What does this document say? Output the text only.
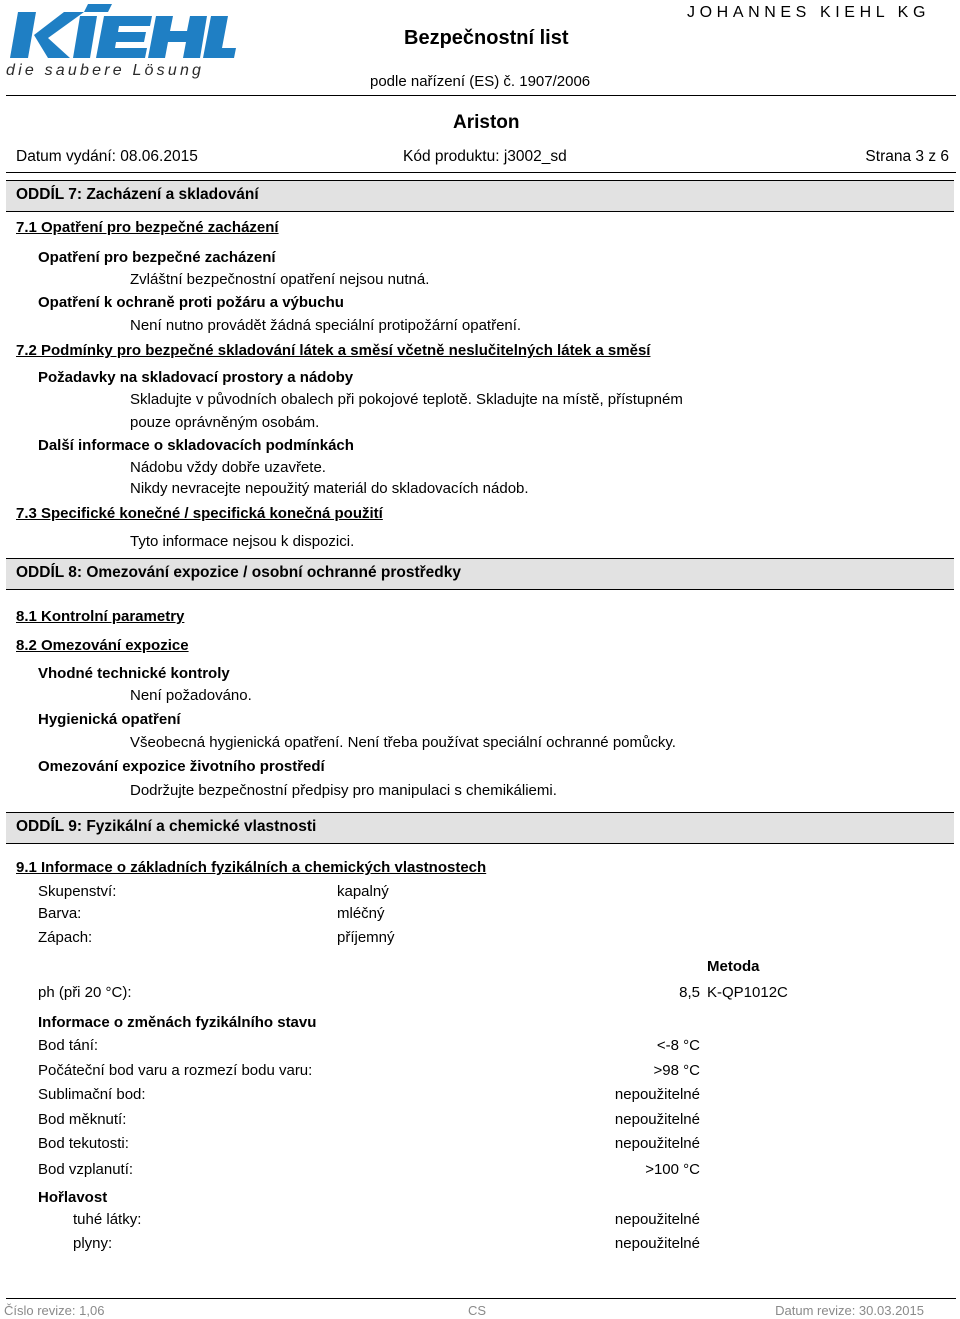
die saubere Lösung
Bezpečnostní list
podle nařízení (ES) č. 1907/2006
JOHANNES KIEHL KG
Ariston
Datum vydání: 08.06.2015	Kód produktu: j3002_sd	Strana 3 z 6
ODDÍL 7: Zacházení a skladování
7.1 Opatření pro bezpečné zacházení
Opatření pro bezpečné zacházení
Zvláštní bezpečnostní opatření nejsou nutná.
Opatření k ochraně proti požáru a výbuchu
Není nutno provádět žádná speciální protipožární opatření.
7.2 Podmínky pro bezpečné skladování látek a směsí včetně neslučitelných látek a směsí
Požadavky na skladovací prostory a nádoby
Skladujte v původních obalech při pokojové teplotě. Skladujte na místě, přístupném
pouze oprávněným osobám.
Další informace o skladovacích podmínkách
Nádobu vždy dobře uzavřete.
Nikdy nevracejte nepoužitý materiál do skladovacích nádob.
7.3 Specifické konečné / specifická konečná použití
Tyto informace nejsou k dispozici.
ODDÍL 8: Omezování expozice / osobní ochranné prostředky
8.1 Kontrolní parametry
8.2 Omezování expozice
Vhodné technické kontroly
Není požadováno.
Hygienická opatření
Všeobecná hygienická opatření. Není třeba používat speciální ochranné pomůcky.
Omezování expozice životního prostředí
Dodržujte bezpečnostní předpisy pro manipulaci s chemikáliemi.
ODDÍL 9: Fyzikální a chemické vlastnosti
9.1 Informace o základních fyzikálních a chemických vlastnostech
Skupenství:	kapalný
Barva:	mléčný
Zápach:	příjemný
Metoda
ph (při 20 °C):	8,5 K-QP1012C
Informace o změnách fyzikálního stavu
Bod tání:	<-8 °C
Počáteční bod varu a rozmezí bodu varu:	>98 °C
Sublimační bod:	nepoužitelné
Bod měknutí:	nepoužitelné
Bod tekutosti:	nepoužitelné
Bod vzplanutí:	>100 °C
Hořlavost
tuhé látky:	nepoužitelné
plyny:	nepoužitelné
Číslo revize: 1,06	CS	Datum revize: 30.03.2015
